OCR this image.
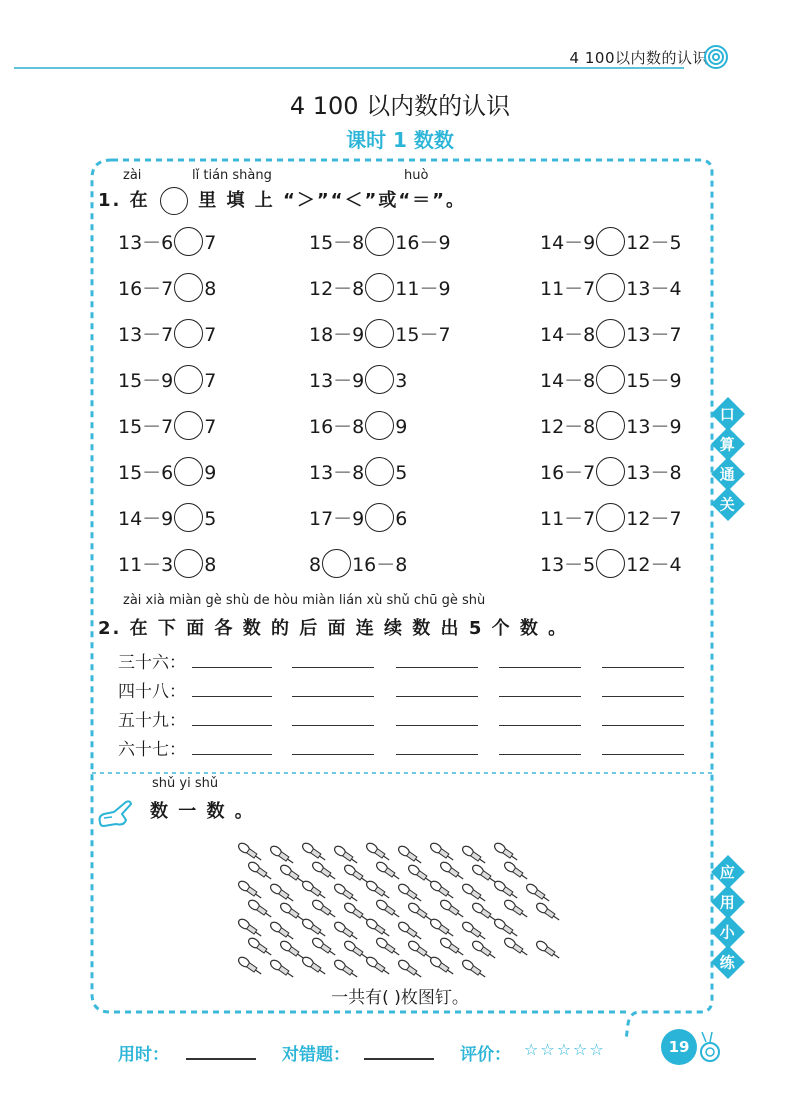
4 100以内数的认识
4 100 以内数的认识
课时 1 数数
zài	lǐ tián shàng	huò
1. 在	里 填 上 “＞”“＜”或“＝”。
13－6 7	15－8 16－9	14－9 12－5
16－7 8	12－8 11－9	11－7 13－4
13－7 7	18－9 15－7	14－8 13－7
15－9 7	13－9 3	14－8 15－9
15－7 7	16－8 9	12－8 13－9
15－6 9	13－8 5	16－7 13－8
14－9 5	17－9 6	11－7 12－7
11－3 8	8 16－8	13－5 12－4
zài xià miàn gè shù de hòu miàn lián xù shǔ chū gè shù
2. 在 下 面 各 数 的 后 面 连 续 数 出 5 个 数 。
三十六：
四十八：
五十九：
六十七：
shǔ yi shǔ
数 一 数 。
一共有( )枚图钉。
口
算
通
关
应
用
小
练
用时：	对错题：	评价： ☆☆☆☆☆	19
